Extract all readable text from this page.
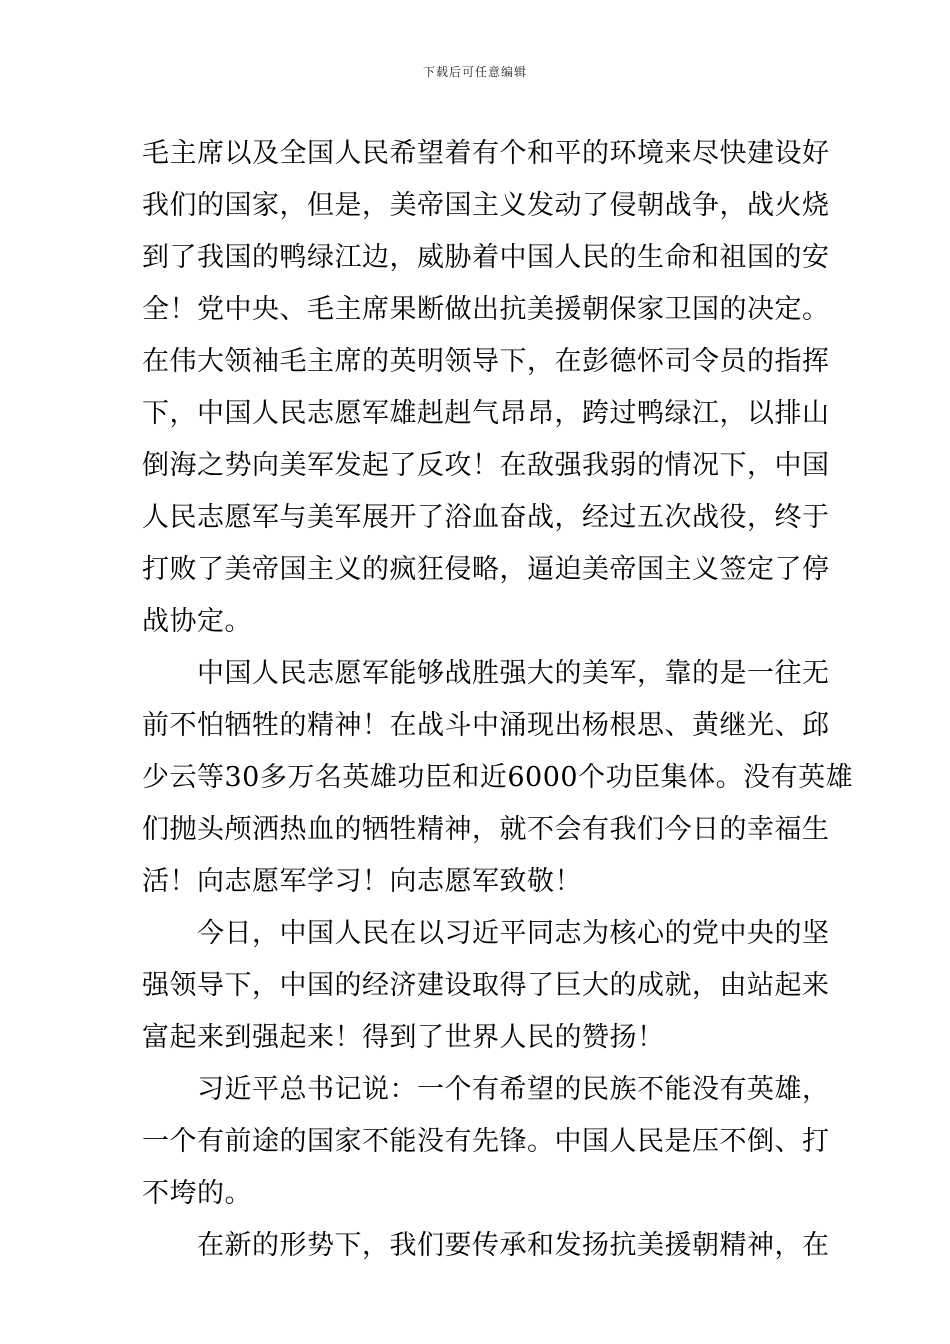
下载后可任意编辑
毛主席以及全国人民希望着有个和平的环境来尽快建设好
我们的国家，但是，美帝国主义发动了侵朝战争，战火烧
到了我国的鸭绿江边，威胁着中国人民的生命和祖国的安
全！党中央、毛主席果断做出抗美援朝保家卫国的决定。
在伟大领袖毛主席的英明领导下，在彭德怀司令员的指挥
下，中国人民志愿军雄赳赳气昂昂，跨过鸭绿江，以排山
倒海之势向美军发起了反攻！在敌强我弱的情况下，中国
人民志愿军与美军展开了浴血奋战，经过五次战役，终于
打败了美帝国主义的疯狂侵略，逼迫美帝国主义签定了停
战协定。
中国人民志愿军能够战胜强大的美军，靠的是一往无
前不怕牺牲的精神！在战斗中涌现出杨根思、黄继光、邱
少云等30多万名英雄功臣和近6000个功臣集体。没有英雄
们抛头颅洒热血的牺牲精神，就不会有我们今日的幸福生
活！向志愿军学习！向志愿军致敬！
今日，中国人民在以习近平同志为核心的党中央的坚
强领导下，中国的经济建设取得了巨大的成就，由站起来
富起来到强起来！得到了世界人民的赞扬！
习近平总书记说：一个有希望的民族不能没有英雄，
一个有前途的国家不能没有先锋。中国人民是压不倒、打
不垮的。
在新的形势下，我们要传承和发扬抗美援朝精神，在
